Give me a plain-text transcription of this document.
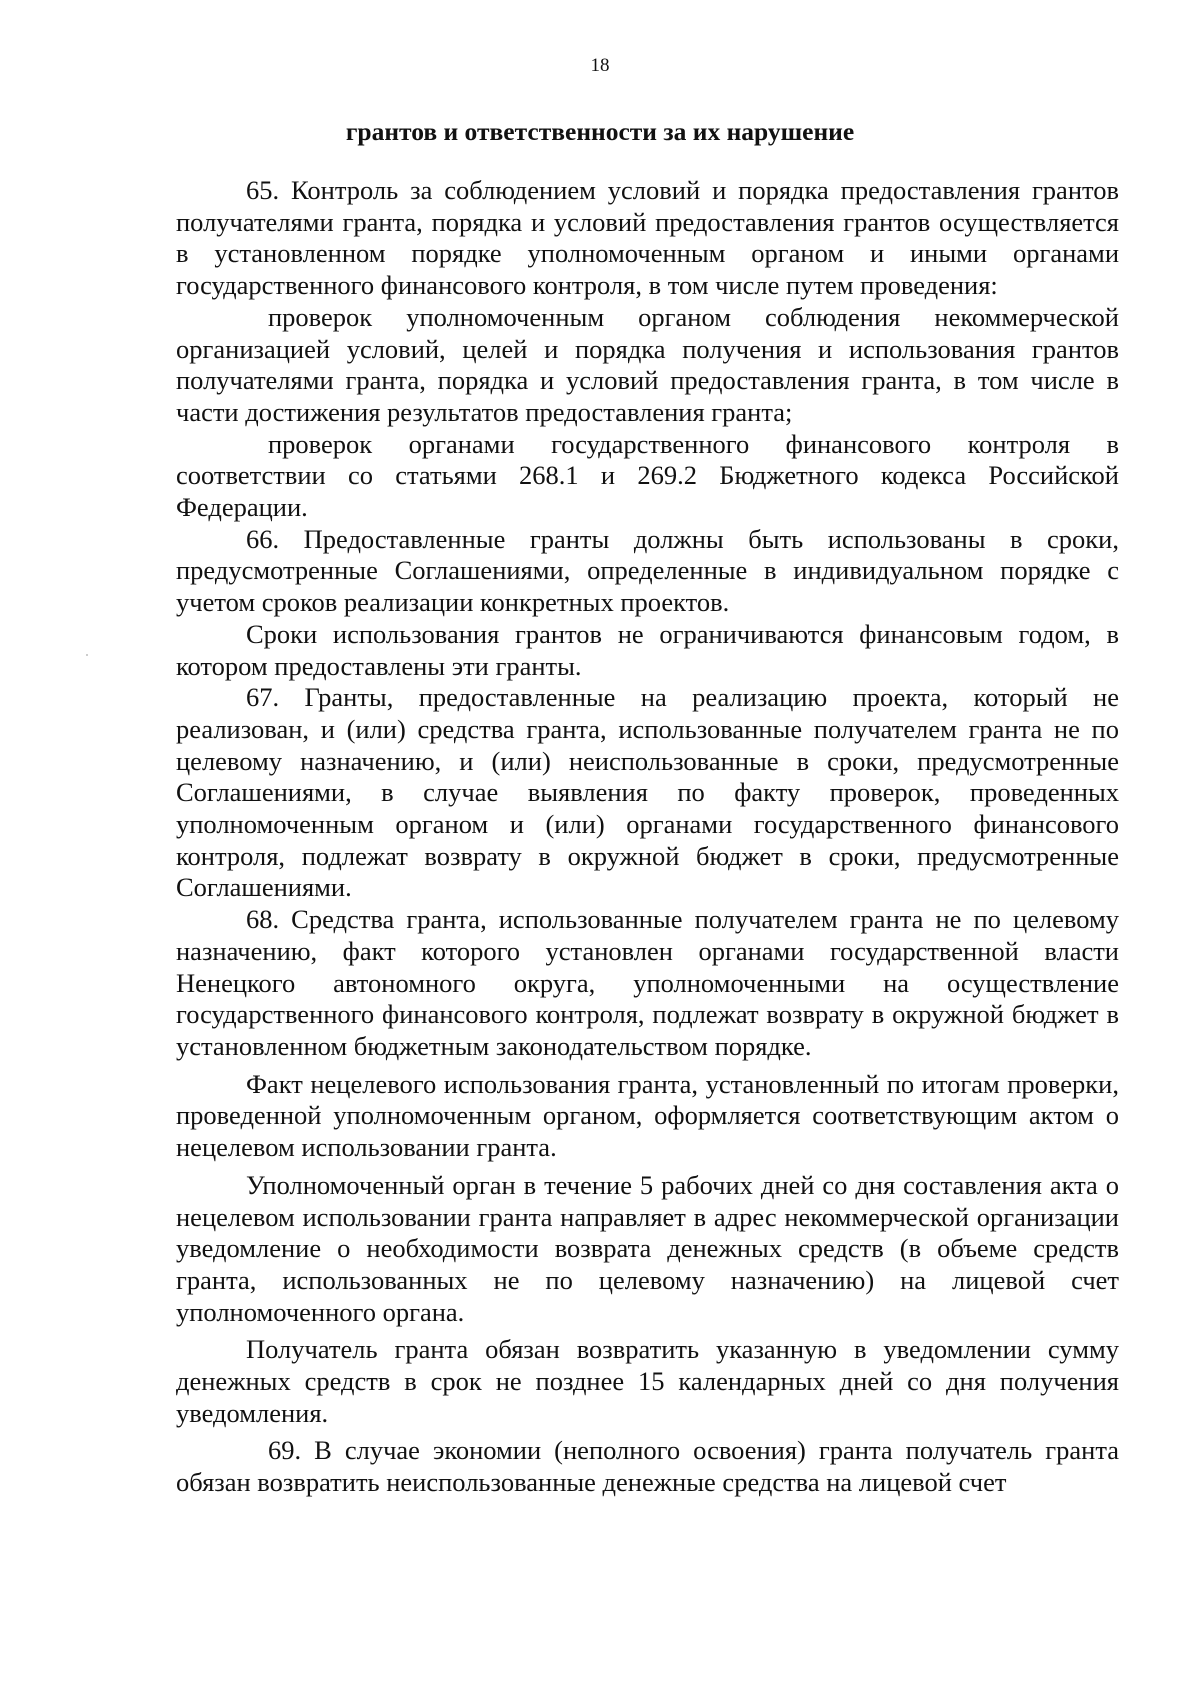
18
грантов и ответственности за их нарушение

65. Контроль за соблюдением условий и порядка предоставления грантов получателями гранта, порядка и условий предоставления грантов осуществляется в установленном порядке уполномоченным органом и иными органами государственного финансового контроля, в том числе путем проведения:

проверок уполномоченным органом соблюдения некоммерческой организацией условий, целей и порядка получения и использования грантов получателями гранта, порядка и условий предоставления гранта, в том числе в части достижения результатов предоставления гранта;

проверок органами государственного финансового контроля в соответствии со статьями 268.1 и 269.2 Бюджетного кодекса Российской Федерации.

66. Предоставленные гранты должны быть использованы в сроки, предусмотренные Соглашениями, определенные в индивидуальном порядке с учетом сроков реализации конкретных проектов.

Сроки использования грантов не ограничиваются финансовым годом, в котором предоставлены эти гранты.

67. Гранты, предоставленные на реализацию проекта, который не реализован, и (или) средства гранта, использованные получателем гранта не по целевому назначению, и (или) неиспользованные в сроки, предусмотренные Соглашениями, в случае выявления по факту проверок, проведенных уполномоченным органом и (или) органами государственного финансового контроля, подлежат возврату в окружной бюджет в сроки, предусмотренные Соглашениями.

68. Средства гранта, использованные получателем гранта не по целевому назначению, факт которого установлен органами государственной власти Ненецкого автономного округа, уполномоченными на осуществление государственного финансового контроля, подлежат возврату в окружной бюджет в установленном бюджетным законодательством порядке.

Факт нецелевого использования гранта, установленный по итогам проверки, проведенной уполномоченным органом, оформляется соответствующим актом о нецелевом использовании гранта.

Уполномоченный орган в течение 5 рабочих дней со дня составления акта о нецелевом использовании гранта направляет в адрес некоммерческой организации уведомление о необходимости возврата денежных средств (в объеме средств гранта, использованных не по целевому назначению) на лицевой счет уполномоченного органа.

Получатель гранта обязан возвратить указанную в уведомлении сумму денежных средств в срок не позднее 15 календарных дней со дня получения уведомления.

69. В случае экономии (неполного освоения) гранта получатель гранта обязан возвратить неиспользованные денежные средства на лицевой счет
